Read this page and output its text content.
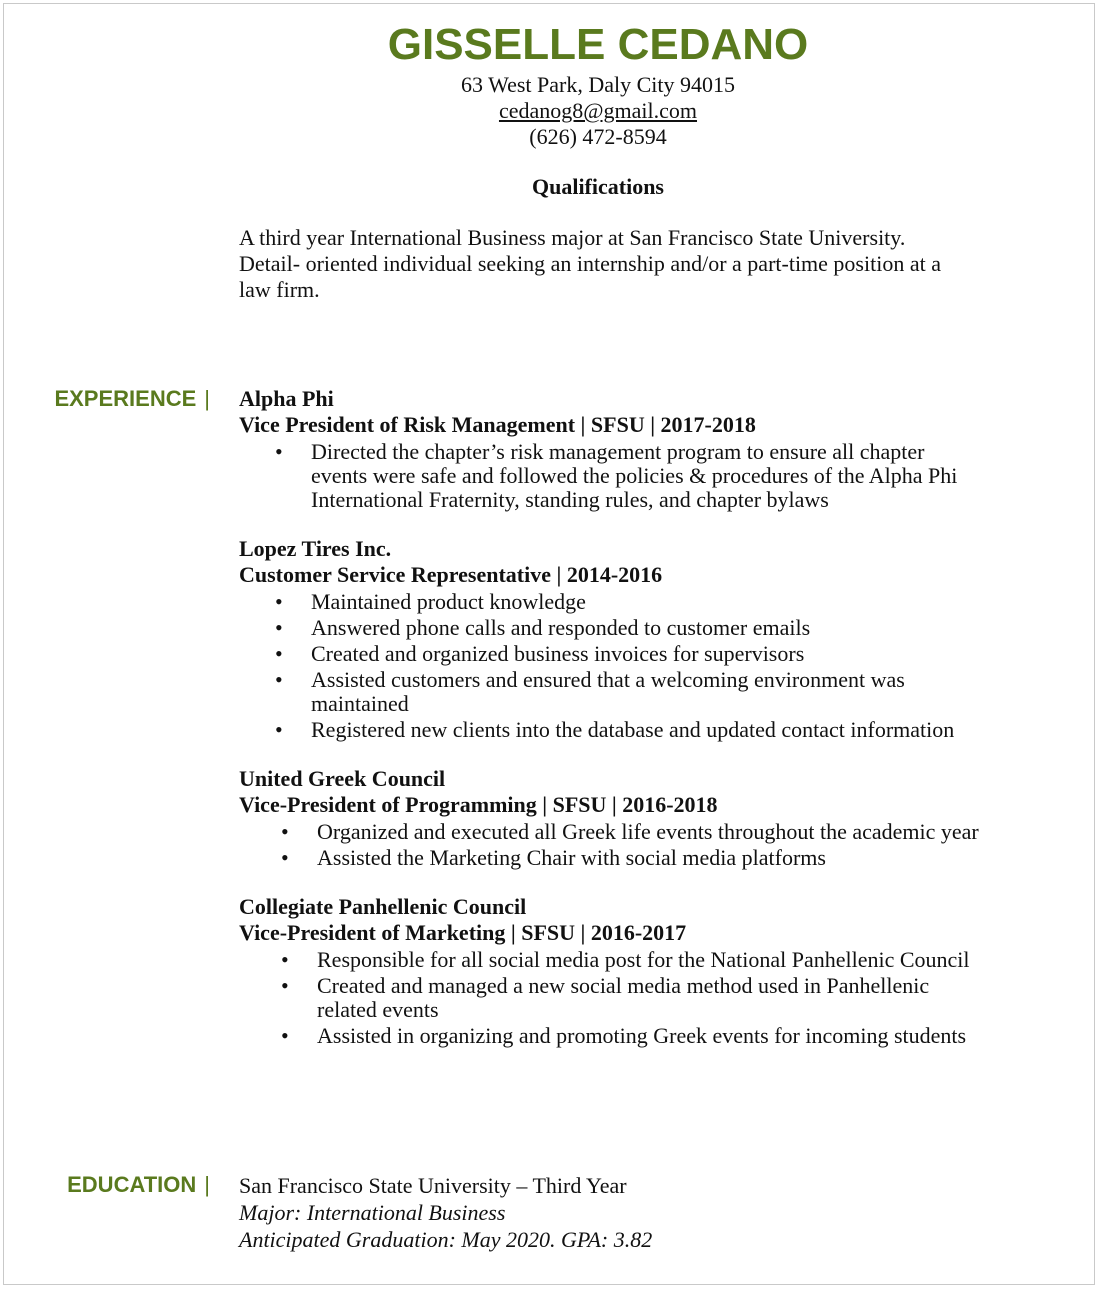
GISSELLE CEDANO
63 West Park, Daly City 94015
cedanog8@gmail.com
(626) 472-8594
Qualifications
A third year International Business major at San Francisco State University. Detail- oriented individual seeking an internship and/or a part-time position at a law firm.
EXPERIENCE | Alpha Phi
Vice President of Risk Management | SFSU | 2017-2018
• Directed the chapter’s risk management program to ensure all chapter events were safe and followed the policies & procedures of the Alpha Phi International Fraternity, standing rules, and chapter bylaws
Lopez Tires Inc.
Customer Service Representative | 2014-2016
• Maintained product knowledge
• Answered phone calls and responded to customer emails
• Created and organized business invoices for supervisors
• Assisted customers and ensured that a welcoming environment was maintained
• Registered new clients into the database and updated contact information
United Greek Council
Vice-President of Programming | SFSU | 2016-2018
• Organized and executed all Greek life events throughout the academic year
• Assisted the Marketing Chair with social media platforms
Collegiate Panhellenic Council
Vice-President of Marketing | SFSU | 2016-2017
• Responsible for all social media post for the National Panhellenic Council
• Created and managed a new social media method used in Panhellenic related events
• Assisted in organizing and promoting Greek events for incoming students
EDUCATION | San Francisco State University – Third Year
Major: International Business
Anticipated Graduation: May 2020. GPA: 3.82
